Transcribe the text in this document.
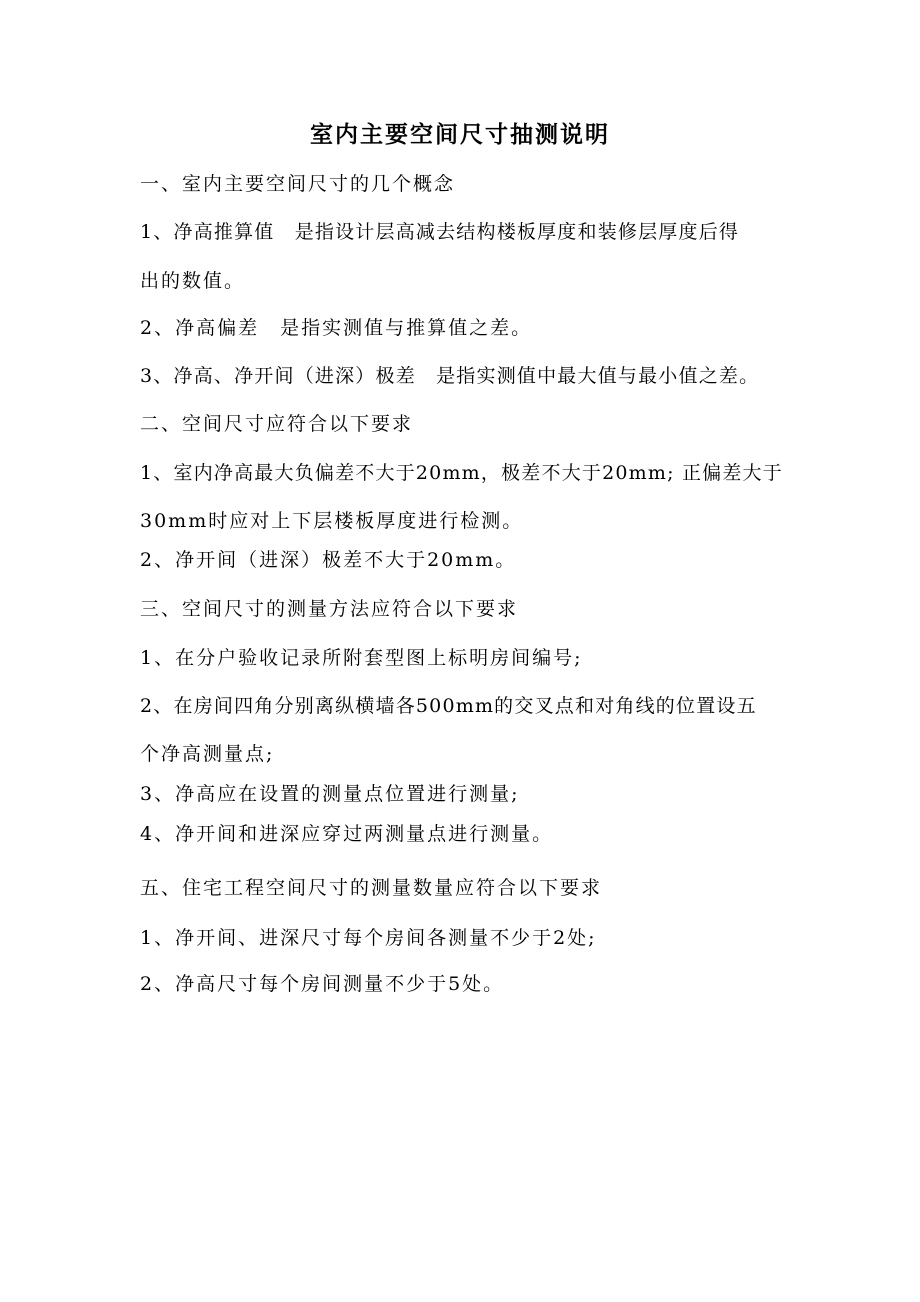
室内主要空间尺寸抽测说明
一、室内主要空间尺寸的几个概念
1、净高推算值　是指设计层高减去结构楼板厚度和装修层厚度后得
出的数值。
2、净高偏差　是指实测值与推算值之差。
3、净高、净开间（进深）极差　是指实测值中最大值与最小值之差。
二、空间尺寸应符合以下要求
1、室内净高最大负偏差不大于20mm，极差不大于20mm; 正偏差大于
30mm时应对上下层楼板厚度进行检测。
2、净开间（进深）极差不大于20mm。
三、空间尺寸的测量方法应符合以下要求
1、在分户验收记录所附套型图上标明房间编号;
2、在房间四角分别离纵横墙各500mm的交叉点和对角线的位置设五
个净高测量点;
3、净高应在设置的测量点位置进行测量;
4、净开间和进深应穿过两测量点进行测量。
五、住宅工程空间尺寸的测量数量应符合以下要求
1、净开间、进深尺寸每个房间各测量不少于2处;
2、净高尺寸每个房间测量不少于5处。
